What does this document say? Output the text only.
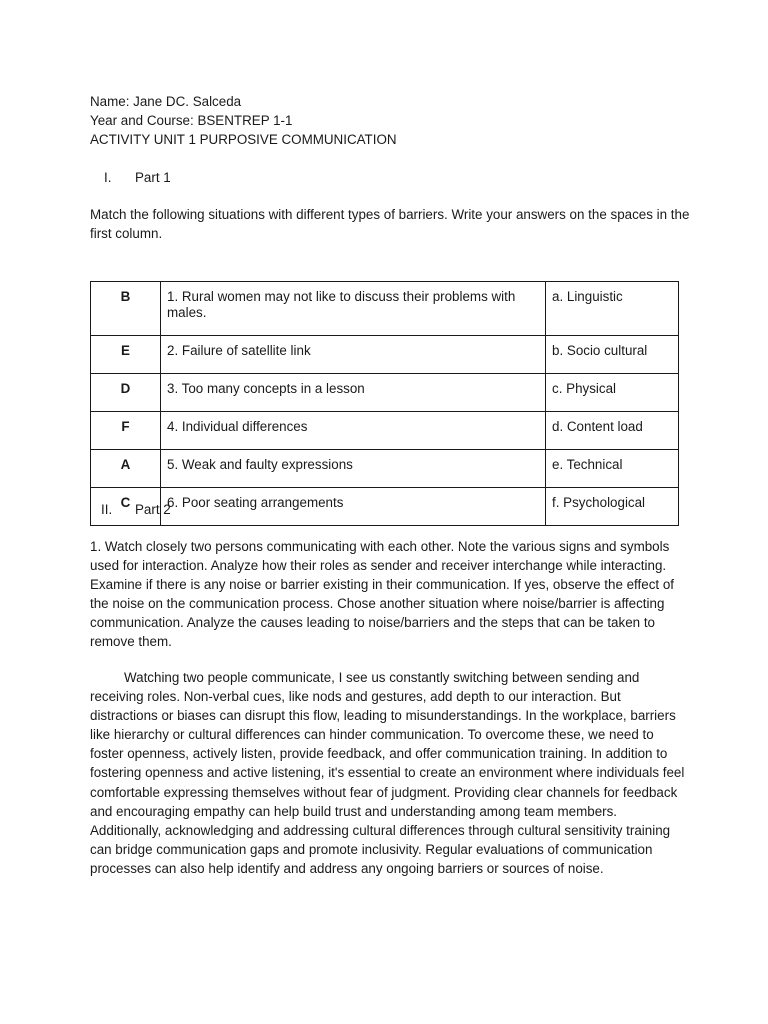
Name: Jane DC. Salceda
Year and Course: BSENTREP 1-1
ACTIVITY UNIT 1 PURPOSIVE COMMUNICATION
I. Part 1
Match the following situations with different types of barriers. Write your answers on the spaces in the first column.
B	1. Rural women may not like to discuss their problems with males.	a. Linguistic
E	2. Failure of satellite link	b. Socio cultural
D	3. Too many concepts in a lesson	c. Physical
F	4. Individual differences	d. Content load
A	5. Weak and faulty expressions	e. Technical
C	6. Poor seating arrangements	f. Psychological
II. Part 2
1. Watch closely two persons communicating with each other. Note the various signs and symbols used for interaction. Analyze how their roles as sender and receiver interchange while interacting. Examine if there is any noise or barrier existing in their communication. If yes, observe the effect of the noise on the communication process. Chose another situation where noise/barrier is affecting communication. Analyze the causes leading to noise/barriers and the steps that can be taken to remove them.
Watching two people communicate, I see us constantly switching between sending and receiving roles. Non-verbal cues, like nods and gestures, add depth to our interaction. But distractions or biases can disrupt this flow, leading to misunderstandings. In the workplace, barriers like hierarchy or cultural differences can hinder communication. To overcome these, we need to foster openness, actively listen, provide feedback, and offer communication training. In addition to fostering openness and active listening, it's essential to create an environment where individuals feel comfortable expressing themselves without fear of judgment. Providing clear channels for feedback and encouraging empathy can help build trust and understanding among team members. Additionally, acknowledging and addressing cultural differences through cultural sensitivity training can bridge communication gaps and promote inclusivity. Regular evaluations of communication processes can also help identify and address any ongoing barriers or sources of noise.
